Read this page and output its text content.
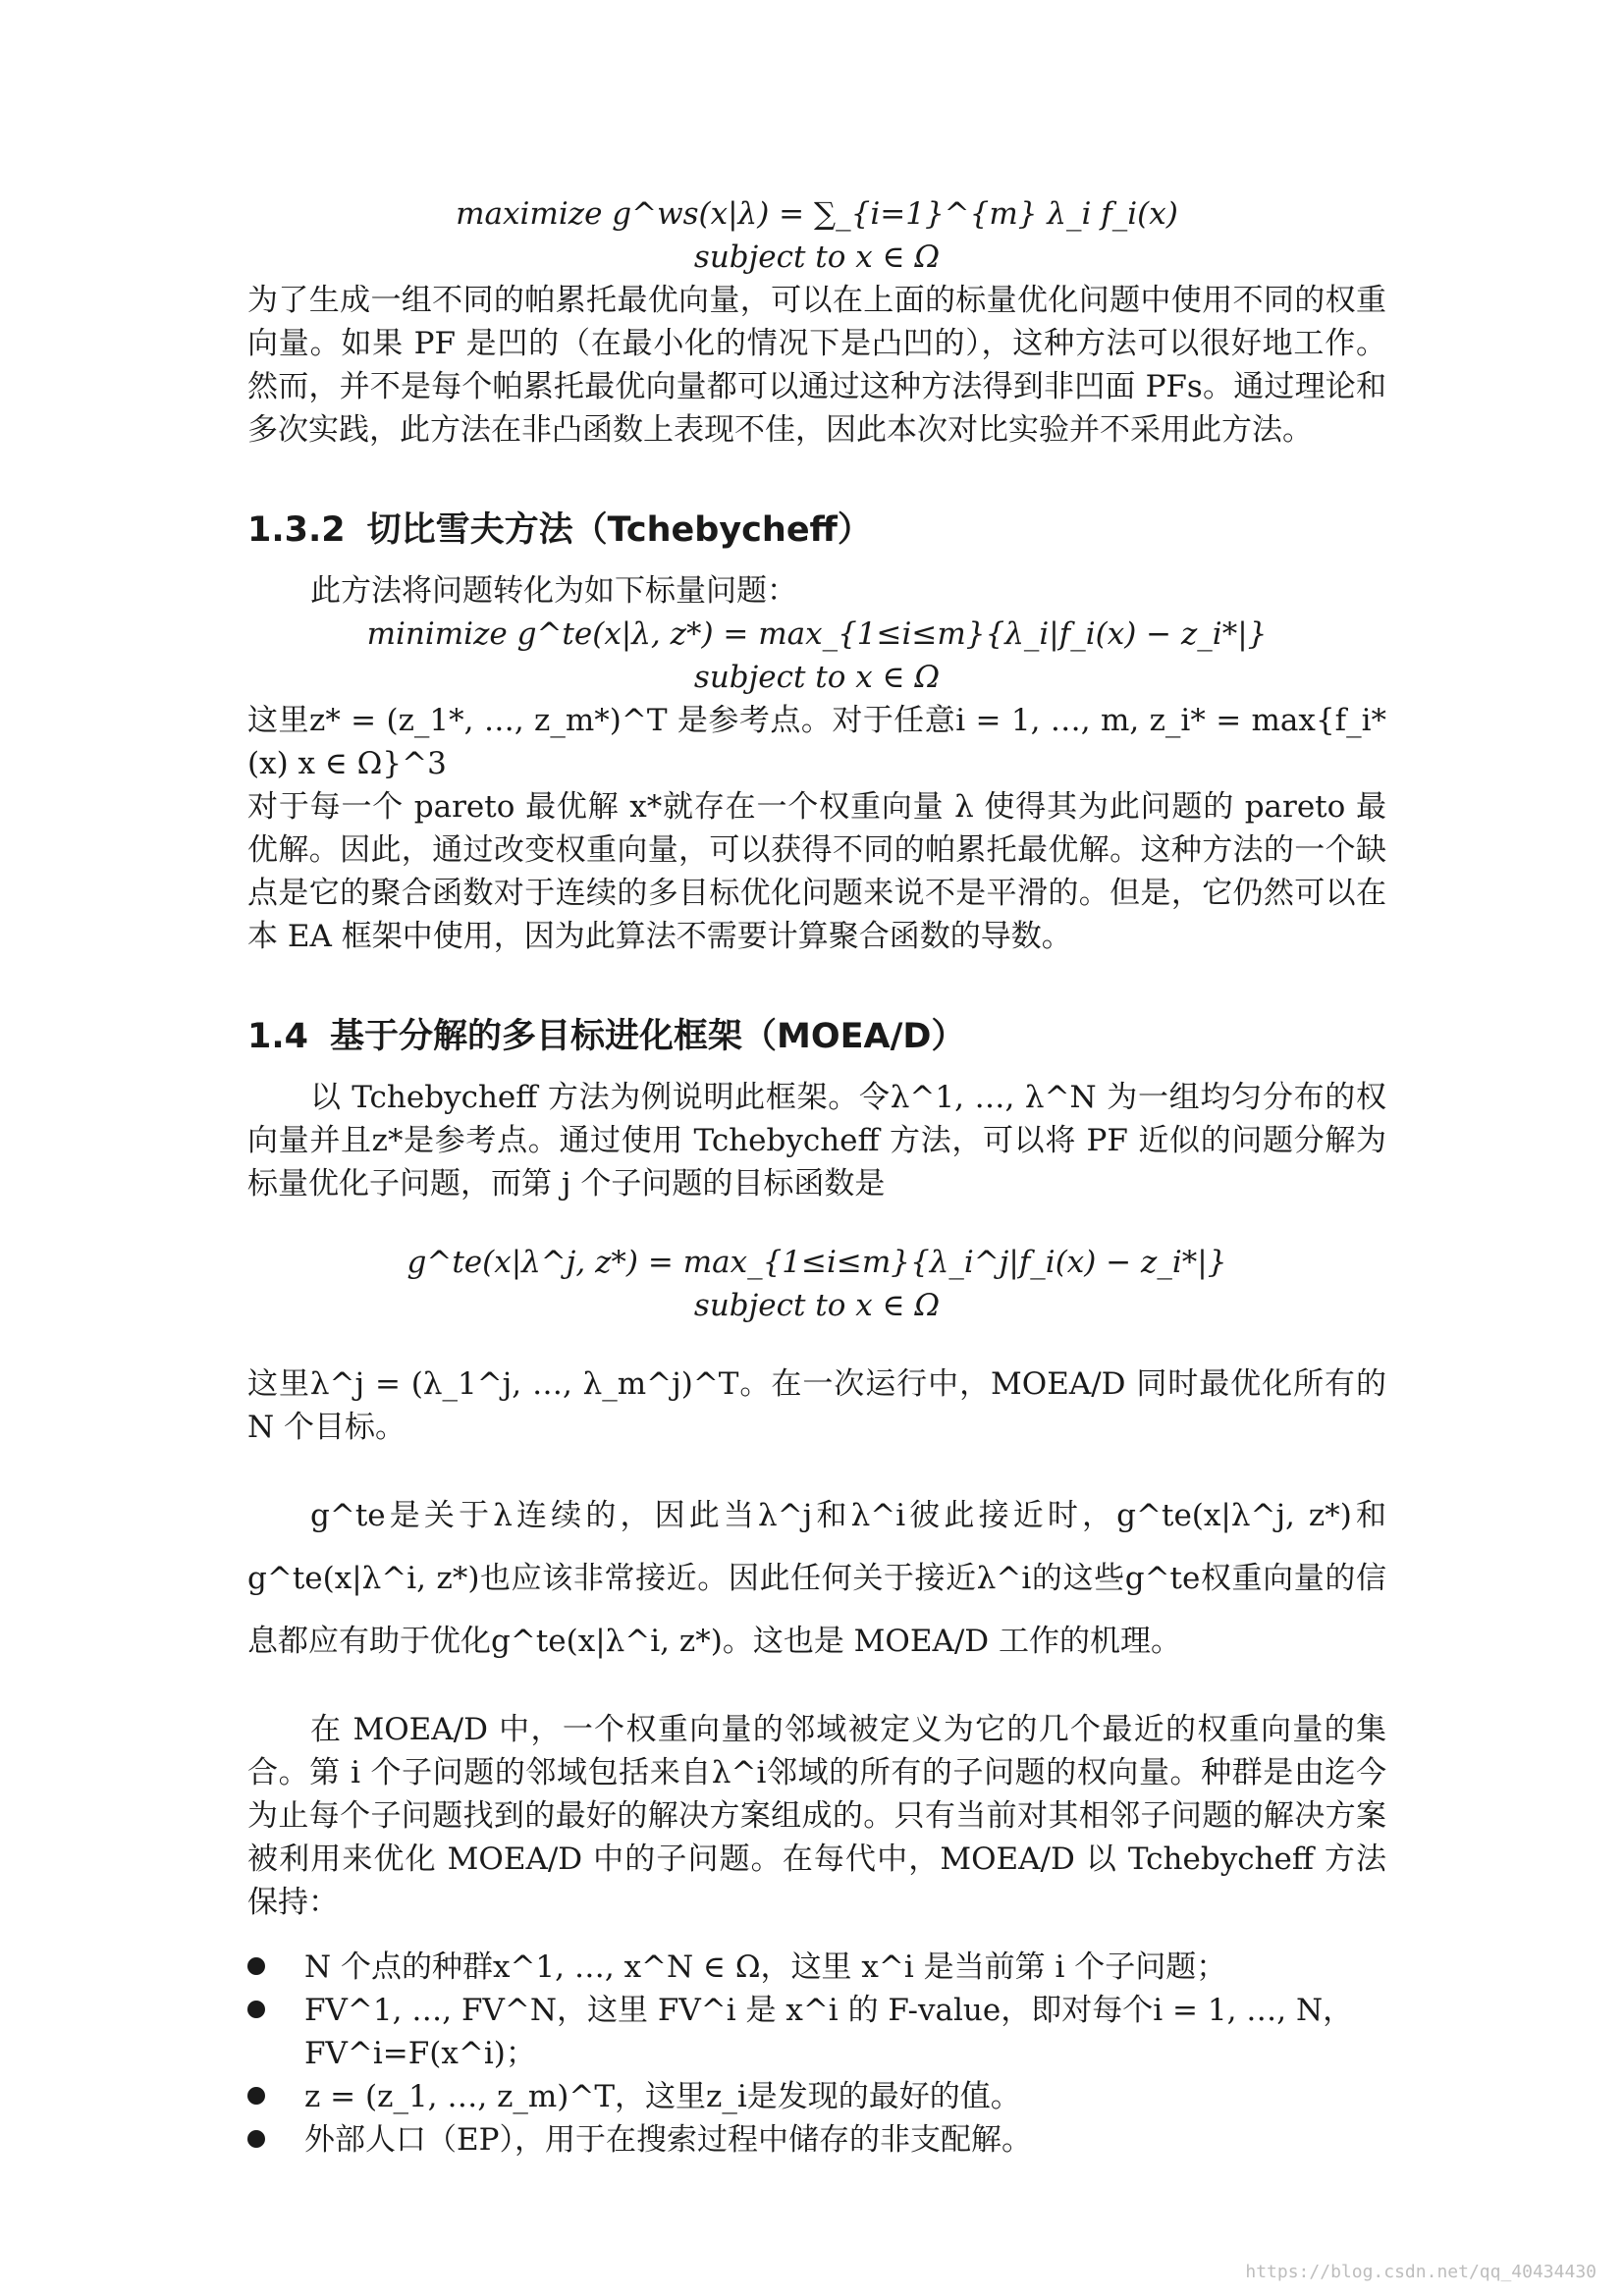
maximize g^ws(x|λ) = ∑_{i=1}^{m} λ_i f_i(x)

subject to x ∈ Ω

为了生成一组不同的帕累托最优向量，可以在上面的标量优化问题中使用不同的权重向量。如果 PF 是凹的（在最小化的情况下是凸凹的），这种方法可以很好地工作。然而，并不是每个帕累托最优向量都可以通过这种方法得到非凹面 PFs。通过理论和多次实践，此方法在非凸函数上表现不佳，因此本次对比实验并不采用此方法。

1.3.2 切比雪夫方法（Tchebycheff）

此方法将问题转化为如下标量问题：

minimize g^te(x|λ, z*) = max_{1≤i≤m}{λ_i|f_i(x) − z_i*|}

subject to x ∈ Ω

这里z* = (z_1*, …, z_m*)^T 是参考点。对于任意i = 1, …, m, z_i* = max{f_i*(x) x ∈ Ω}^3

对于每一个 pareto 最优解 x*就存在一个权重向量 λ 使得其为此问题的 pareto 最优解。因此，通过改变权重向量，可以获得不同的帕累托最优解。这种方法的一个缺点是它的聚合函数对于连续的多目标优化问题来说不是平滑的。但是，它仍然可以在本 EA 框架中使用，因为此算法不需要计算聚合函数的导数。

1.4 基于分解的多目标进化框架（MOEA/D）

以 Tchebycheff 方法为例说明此框架。令λ^1, …, λ^N 为一组均匀分布的权向量并且z*是参考点。通过使用 Tchebycheff 方法，可以将 PF 近似的问题分解为标量优化子问题，而第 j 个子问题的目标函数是

g^te(x|λ^j, z*) = max_{1≤i≤m}{λ_i^j|f_i(x) − z_i*|}

subject to x ∈ Ω

这里λ^j = (λ_1^j, …, λ_m^j)^T。在一次运行中，MOEA/D 同时最优化所有的 N 个目标。

g^te是关于λ连续的，因此当λ^j和λ^i彼此接近时，g^te(x|λ^j, z*)和g^te(x|λ^i, z*)也应该非常接近。因此任何关于接近λ^i的这些g^te权重向量的信息都应有助于优化g^te(x|λ^i, z*)。这也是 MOEA/D 工作的机理。

在 MOEA/D 中，一个权重向量的邻域被定义为它的几个最近的权重向量的集合。第 i 个子问题的邻域包括来自λ^i邻域的所有的子问题的权向量。种群是由迄今为止每个子问题找到的最好的解决方案组成的。只有当前对其相邻子问题的解决方案被利用来优化 MOEA/D 中的子问题。在每代中，MOEA/D 以 Tchebycheff 方法保持：

N 个点的种群x^1, …, x^N ∈ Ω，这里 x^i 是当前第 i 个子问题；
FV^1, …, FV^N，这里 FV^i 是 x^i 的 F-value，即对每个i = 1, …, N，FV^i=F(x^i)；
z = (z_1, …, z_m)^T，这里z_i是发现的最好的值。
外部人口（EP），用于在搜索过程中储存的非支配解。
https://blog.csdn.net/qq_40434430
